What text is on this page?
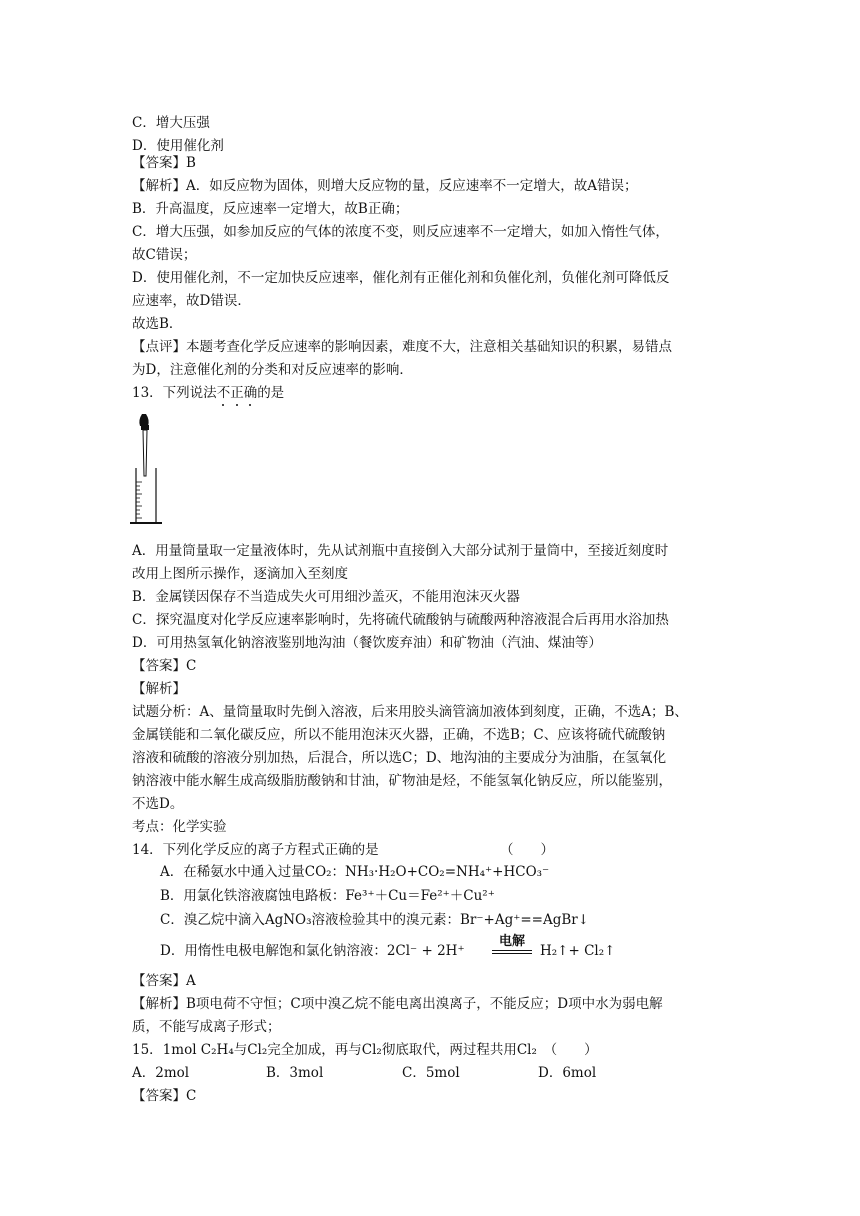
C．增大压强
D．使用催化剂
【答案】B
【解析】A．如反应物为固体，则增大反应物的量，反应速率不一定增大，故A错误；
B．升高温度，反应速率一定增大，故B正确；
C．增大压强，如参加反应的气体的浓度不变，则反应速率不一定增大，如加入惰性气体，
故C错误；
D．使用催化剂，不一定加快反应速率，催化剂有正催化剂和负催化剂，负催化剂可降低反
应速率，故D错误．
故选B．
【点评】本题考查化学反应速率的影响因素，难度不大，注意相关基础知识的积累，易错点
为D，注意催化剂的分类和对反应速率的影响．
13．下列说法不正确的是
A．用量筒量取一定量液体时，先从试剂瓶中直接倒入大部分试剂于量筒中，至接近刻度时
改用上图所示操作，逐滴加入至刻度
B．金属镁因保存不当造成失火可用细沙盖灭，不能用泡沫灭火器
C．探究温度对化学反应速率影响时，先将硫代硫酸钠与硫酸两种溶液混合后再用水浴加热
D．可用热氢氧化钠溶液鉴别地沟油（餐饮废弃油）和矿物油（汽油、煤油等）
【答案】C
【解析】
试题分析：A、量筒量取时先倒入溶液，后来用胶头滴管滴加液体到刻度，正确，不选A；B、
金属镁能和二氧化碳反应，所以不能用泡沫灭火器，正确，不选B；C、应该将硫代硫酸钠
溶液和硫酸的溶液分别加热，后混合，所以选C；D、地沟油的主要成分为油脂，在氢氧化
钠溶液中能水解生成高级脂肪酸钠和甘油，矿物油是烃，不能氢氧化钠反应，所以能鉴别，
不选D。
考点：化学实验
14．下列化学反应的离子方程式正确的是	（　　）
A．在稀氨水中通入过量CO₂：NH₃·H₂O+CO₂=NH₄⁺+HCO₃⁻
B．用氯化铁溶液腐蚀电路板：Fe³⁺＋Cu＝Fe²⁺＋Cu²⁺
C．溴乙烷中滴入AgNO₃溶液检验其中的溴元素：Br⁻+Ag⁺==AgBr↓
D．用惰性电极电解饱和氯化钠溶液：2Cl⁻ + 2H⁺
电解
H₂↑+ Cl₂↑
【答案】A
【解析】B项电荷不守恒；C项中溴乙烷不能电离出溴离子，不能反应；D项中水为弱电解
质，不能写成离子形式；
15．1mol C₂H₄与Cl₂完全加成，再与Cl₂彻底取代，两过程共用Cl₂　（　　）
A．2mol	B．3mol	C．5mol	D．6mol
【答案】C
